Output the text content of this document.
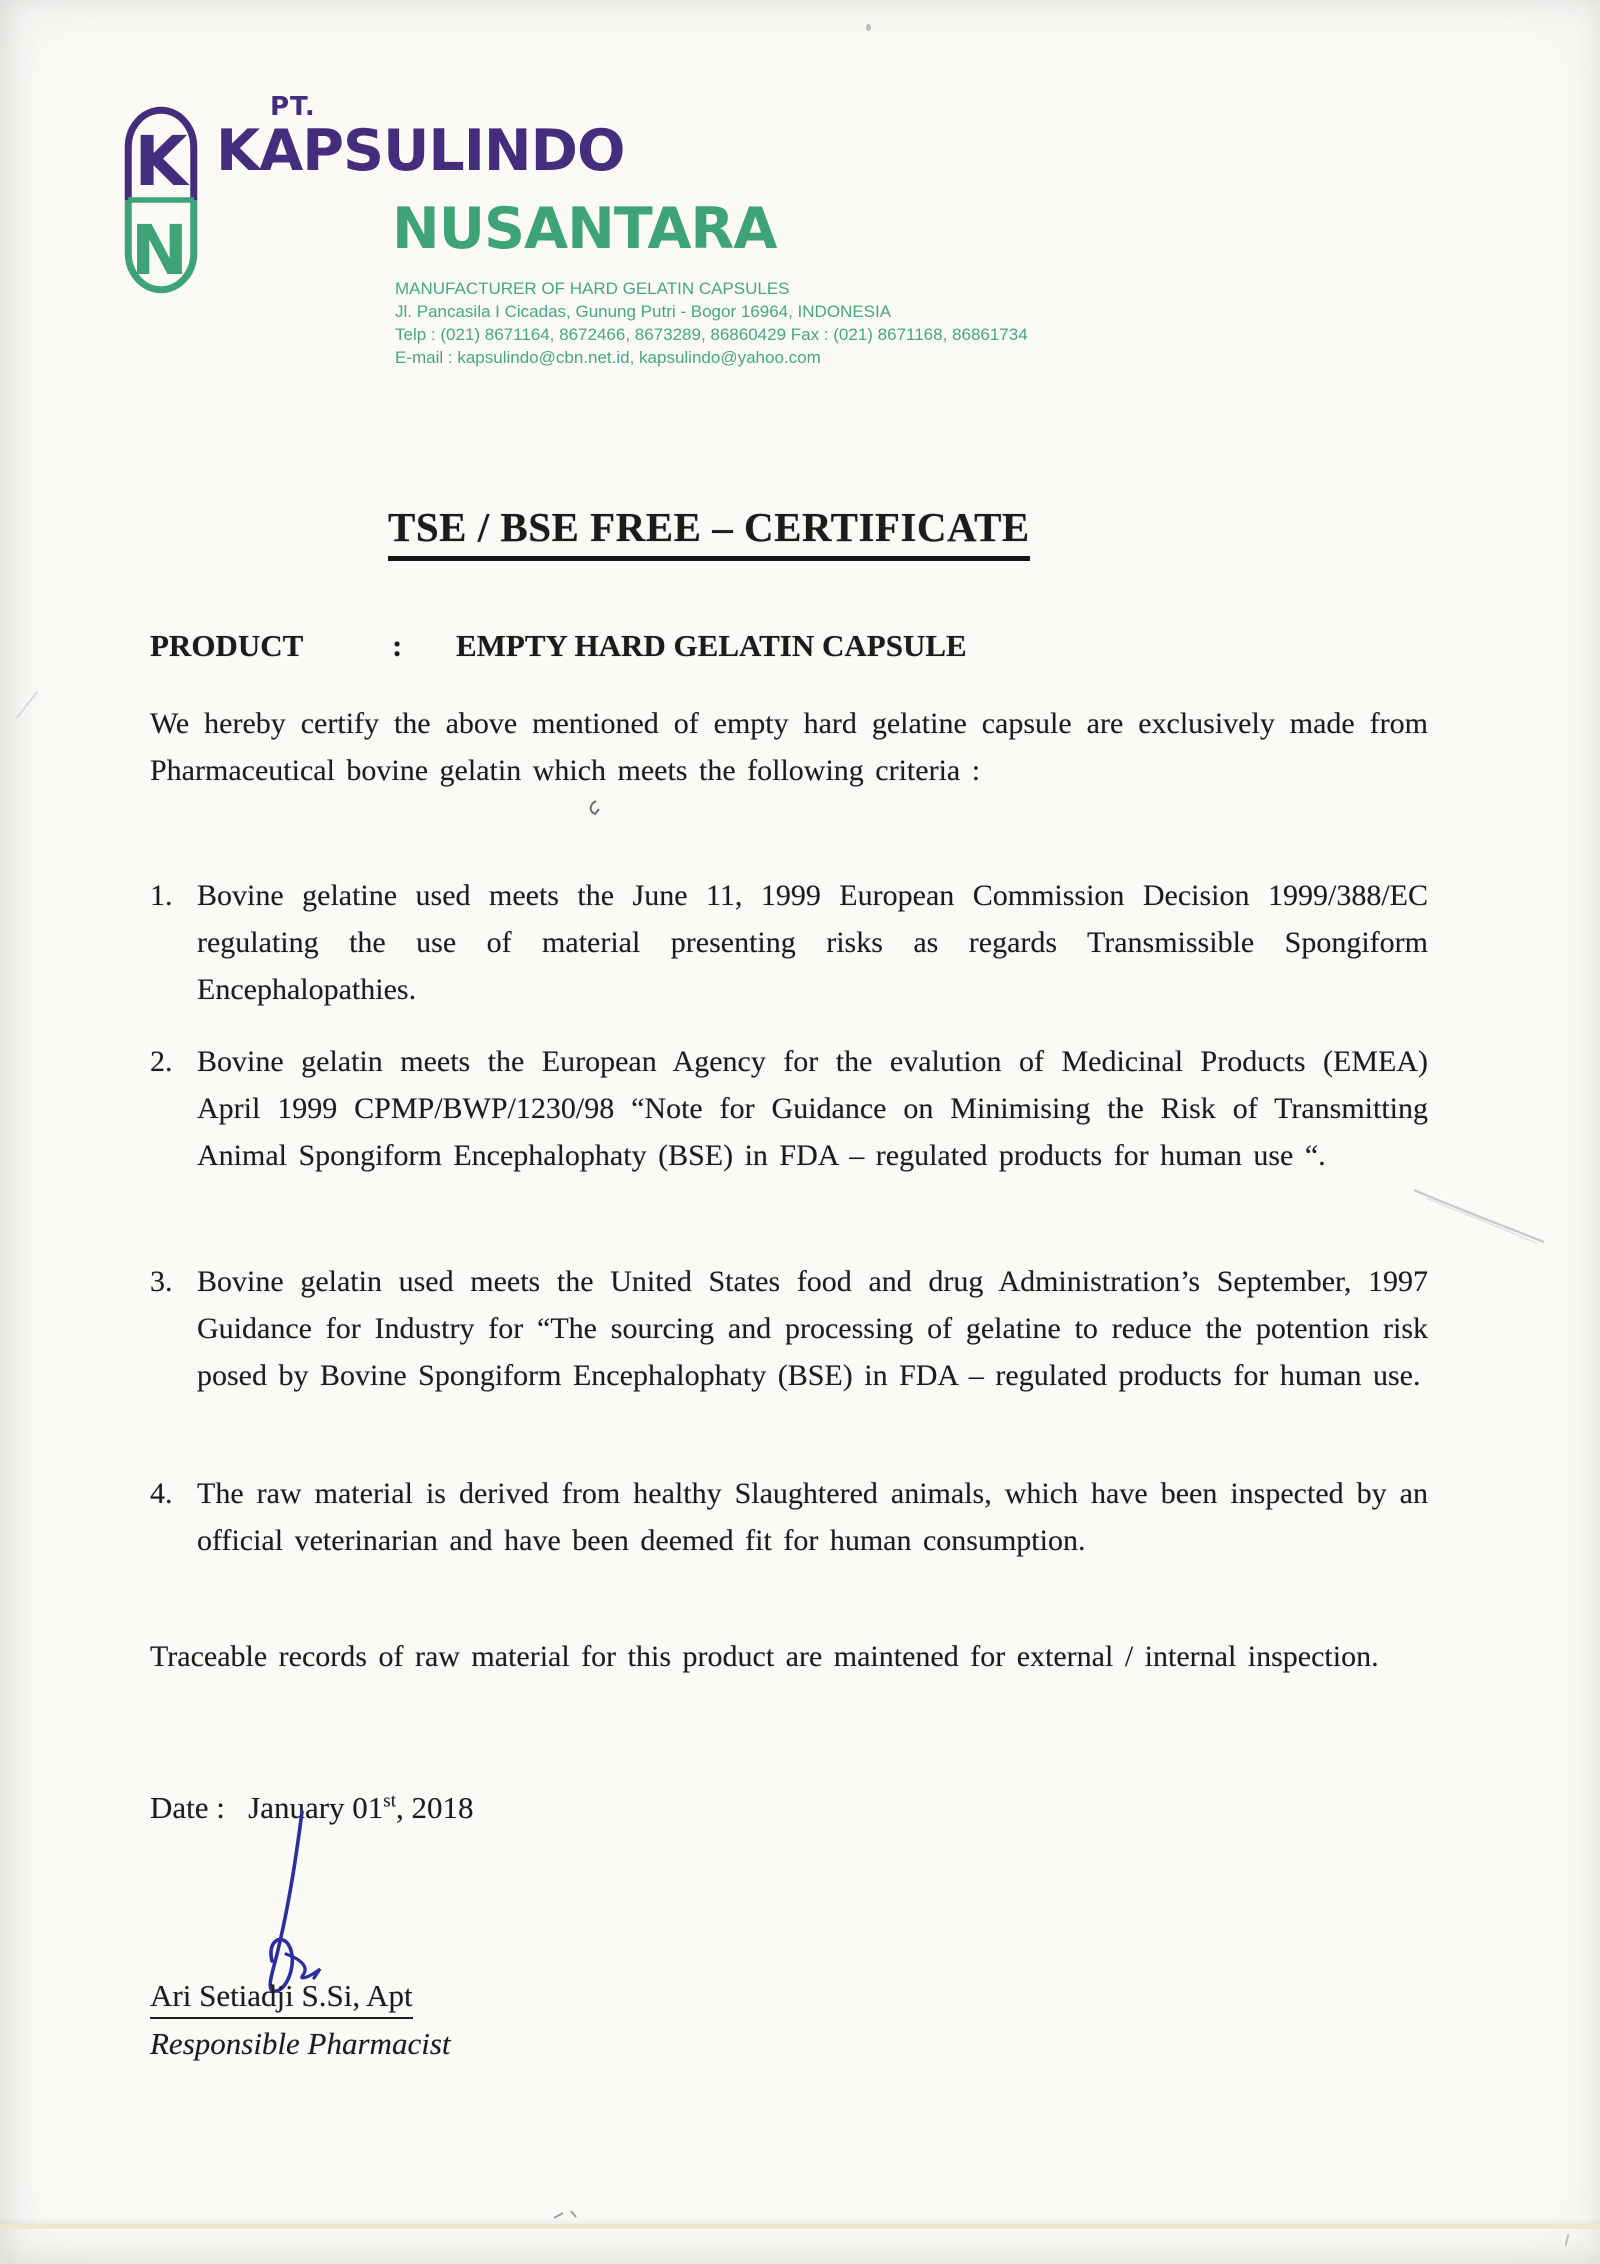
K
N
PT.
KAPSULINDO
NUSANTARA
MANUFACTURER OF HARD GELATIN CAPSULES
Jl. Pancasila I Cicadas, Gunung Putri - Bogor 16964, INDONESIA
Telp : (021) 8671164, 8672466, 8673289, 86860429 Fax : (021) 8671168, 86861734
E-mail : kapsulindo@cbn.net.id, kapsulindo@yahoo.com
TSE / BSE FREE – CERTIFICATE
PRODUCT	:	EMPTY HARD GELATIN CAPSULE
We hereby certify the above mentioned of empty hard gelatine capsule are exclusively made from Pharmaceutical bovine gelatin which meets the following criteria :
1. Bovine gelatine used meets the June 11, 1999 European Commission Decision 1999/388/EC regulating the use of material presenting risks as regards Transmissible Spongiform Encephalopathies.
2. Bovine gelatin meets the European Agency for the evalution of Medicinal Products (EMEA) April 1999 CPMP/BWP/1230/98 “Note for Guidance on Minimising the Risk of Transmitting Animal Spongiform Encephalophaty (BSE) in FDA – regulated products for human use “.
3. Bovine gelatin used meets the United States food and drug Administration’s September, 1997 Guidance for Industry for “The sourcing and processing of gelatine to reduce the potention risk posed by Bovine Spongiform Encephalophaty (BSE) in FDA – regulated products for human use.
4. The raw material is derived from healthy Slaughtered animals, which have been inspected by an official veterinarian and have been deemed fit for human consumption.
Traceable records of raw material for this product are maintened for external / internal inspection.
Date : January 01st, 2018
Ari Setiadji S.Si, Apt
Responsible Pharmacist
